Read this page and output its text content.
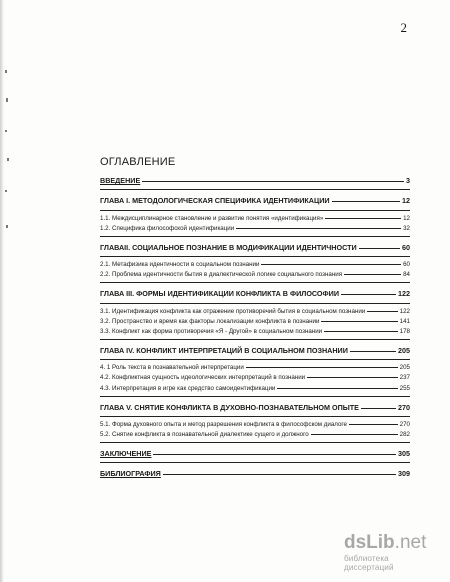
2
ОГЛАВЛЕНИЕ
ВВЕДЕНИЕ	3
ГЛАВА I. МЕТОДОЛОГИЧЕСКАЯ СПЕЦИФИКА ИДЕНТИФИКАЦИИ	12
1.1. Междисциплинарное становление и развитие понятия «идентификация»	12
1.2. Специфика философской идентификации	32
ГЛАВАII. СОЦИАЛЬНОЕ ПОЗНАНИЕ В МОДИФИКАЦИИ ИДЕНТИЧНОСТИ	60
2.1. Метафизика идентичности в социальном познании	60
2.2. Проблема идентичности бытия в диалектической логике социального познания	84
ГЛАВА III. ФОРМЫ ИДЕНТИФИКАЦИИ КОНФЛИКТА В ФИЛОСОФИИ	122
3.1. Идентификация конфликта как отражение противоречий бытия в социальном познании	122
3.2. Пространство и время как факторы локализации конфликта в познании	141
3.3. Конфликт как форма противоречия «Я - Другой» в социальном познании	178
ГЛАВА IV. КОНФЛИКТ ИНТЕРПРЕТАЦИЙ В СОЦИАЛЬНОМ ПОЗНАНИИ	205
4. 1 Роль текста в познавательной интерпретации	205
4.2. Конфликтная сущность идеологических интерпретаций в познании	237
4.3. Интерпретация в игре как средство самоидентификации	255
ГЛАВА V. СНЯТИЕ КОНФЛИКТА В ДУХОВНО-ПОЗНАВАТЕЛЬНОМ ОПЫТЕ	270
5.1. Форма духовного опыта и метод разрешения конфликта в философском диалоге	270
5.2. Снятие конфликта в познавательной диалектике сущего и должного	282
ЗАКЛЮЧЕНИЕ	305
БИБЛИОГРАФИЯ	309
dsLib.net
библиотека диссертаций
